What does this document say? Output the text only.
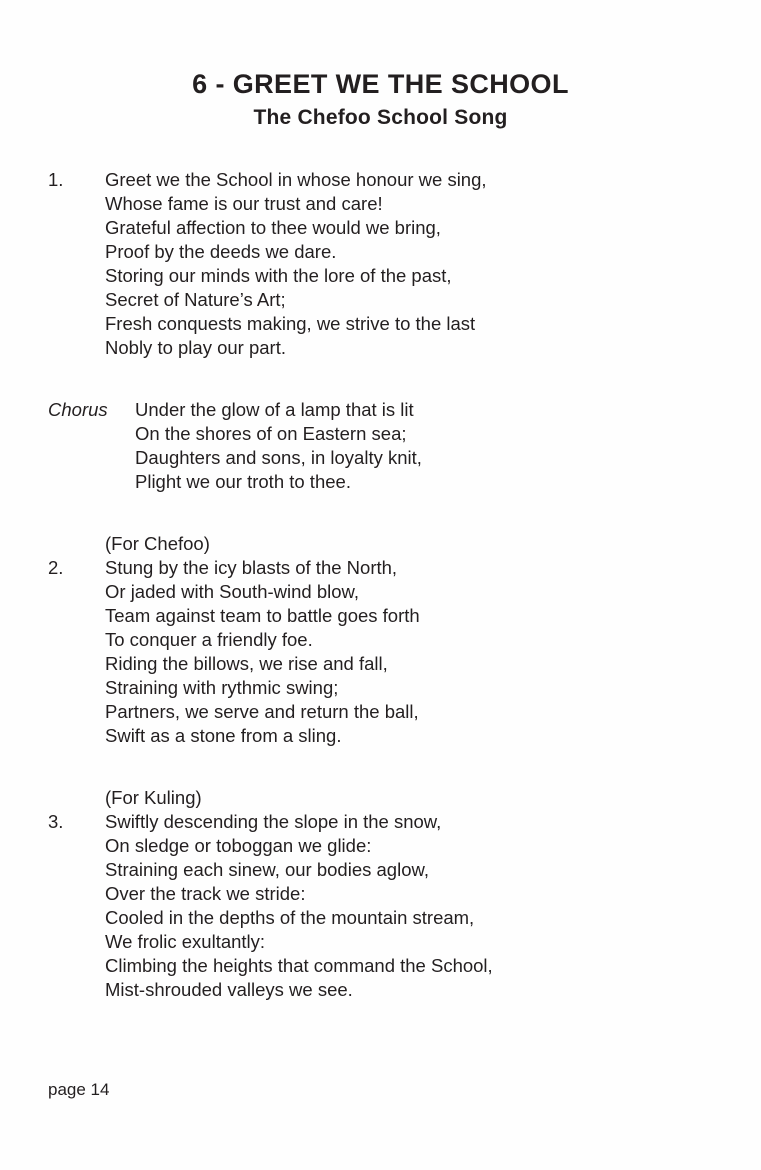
6 - GREET WE THE SCHOOL
The Chefoo School Song
1.	Greet we the School in whose honour we sing,
Whose fame is our trust and care!
Grateful affection to thee would we bring,
Proof by the deeds we dare.
Storing our minds with the lore of the past,
Secret of Nature’s Art;
Fresh conquests making, we strive to the last
Nobly to play our part.
Chorus	Under the glow of a lamp that is lit
On the shores of on Eastern sea;
Daughters and sons, in loyalty knit,
Plight we our troth to thee.
(For Chefoo)
2.	Stung by the icy blasts of the North,
Or jaded with South-wind blow,
Team against team to battle goes forth
To conquer a friendly foe.
Riding the billows, we rise and fall,
Straining with rythmic swing;
Partners, we serve and return the ball,
Swift as a stone from a sling.
(For Kuling)
3.	Swiftly descending the slope in the snow,
On sledge or toboggan we glide:
Straining each sinew, our bodies aglow,
Over the track we stride:
Cooled in the depths of the mountain stream,
We frolic exultantly:
Climbing the heights that command the School,
Mist-shrouded valleys we see.
page 14
